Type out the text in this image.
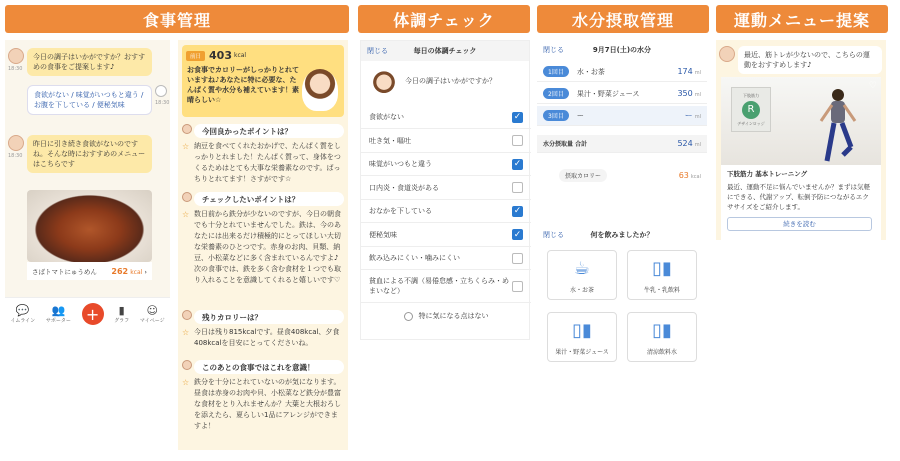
食事管理	体調チェック	水分摂取管理	運動メニュー提案
18:30
今日の調子はいかがですか？おすすめの食事をご提案します♪
食欲がない / 味覚がいつもと違う / お腹を下している / 便秘気味	18:30
18:30
昨日に引き続き食欲がないのですね。そんな時におすすめのメニューはこちらです
さばトマトにゅうめん 262 kcal ›
💬
イムライン
👥
サポーター +	▮
グラフ
☺
マイページ
前日 403 kcal
お食事でカロリーがしっかりとれていますね♪あなたに特に必要な、たんぱく質や水分も補えています！素晴らしい☆
今回良かったポイントは？
☆ 納豆を食べてくれたおかげで、たんぱく質をしっかりとれました！たんぱく質って、身体をつくるためはとても大事な栄養素なのです。ばっちりとれてます！さすがです☆
チェックしたいポイントは？
☆ 数日前から鉄分が少ないのですが、今日の朝食でも十分とれていませんでした。鉄は、今のあなたには出来るだけ積極的にとってほしい大切な栄養素のひとつです。赤身のお肉、貝類、納豆、小松菜などに多く含まれているんですよ♪次の食事では、鉄を多く含む食材を１つでも取り入れることを意識してくれると嬉しいです♡
残りカロリーは？
☆ 今日は残り815kcalです。昼食408kcal、夕食408kcalを目安にとってくださいね。
このあとの食事ではこれを意識！
☆ 鉄分を十分にとれていないのが気になります。昼食は赤身のお肉や貝、小松菜など鉄分が豊富な食材をとり入れませんか？大葉と大根おろしを添えたら、夏らしい1品にアレンジができますよ！
閉じる	毎日の体調チェック
今日の調子はいかがですか？
食欲がない	✓
吐き気・嘔吐
味覚がいつもと違う	✓
口内炎・食道炎がある
おなかを下している	✓
便秘気味	✓
飲み込みにくい・噛みにくい
貧血による不調（易倦怠感・立ちくらみ・めまいなど）
特に気になる点はない
閉じる	9月7日(土)の水分
1回目	水・お茶	174 ml
2回目	果汁・野菜ジュース	350 ml
3回目	ー	ーml
水分摂取量 合計	524 ml
摂取カロリー	63 kcal
閉じる	何を飲みましたか？
☕
水・お茶
▯▮
牛乳・乳飲料
▯▮
果汁・野菜ジュース
▯▮
清涼飲料水
最近、筋トレが少ないので、こちらの運動をおすすめします♪
下肢筋力
R
デザインロッジ
♡
下肢筋力 基本トレーニング
最近、運動不足に悩んでいませんか？まずは気軽にできる、代謝アップ、転倒予防につながるエクササイズをご紹介します。
続きを読む
